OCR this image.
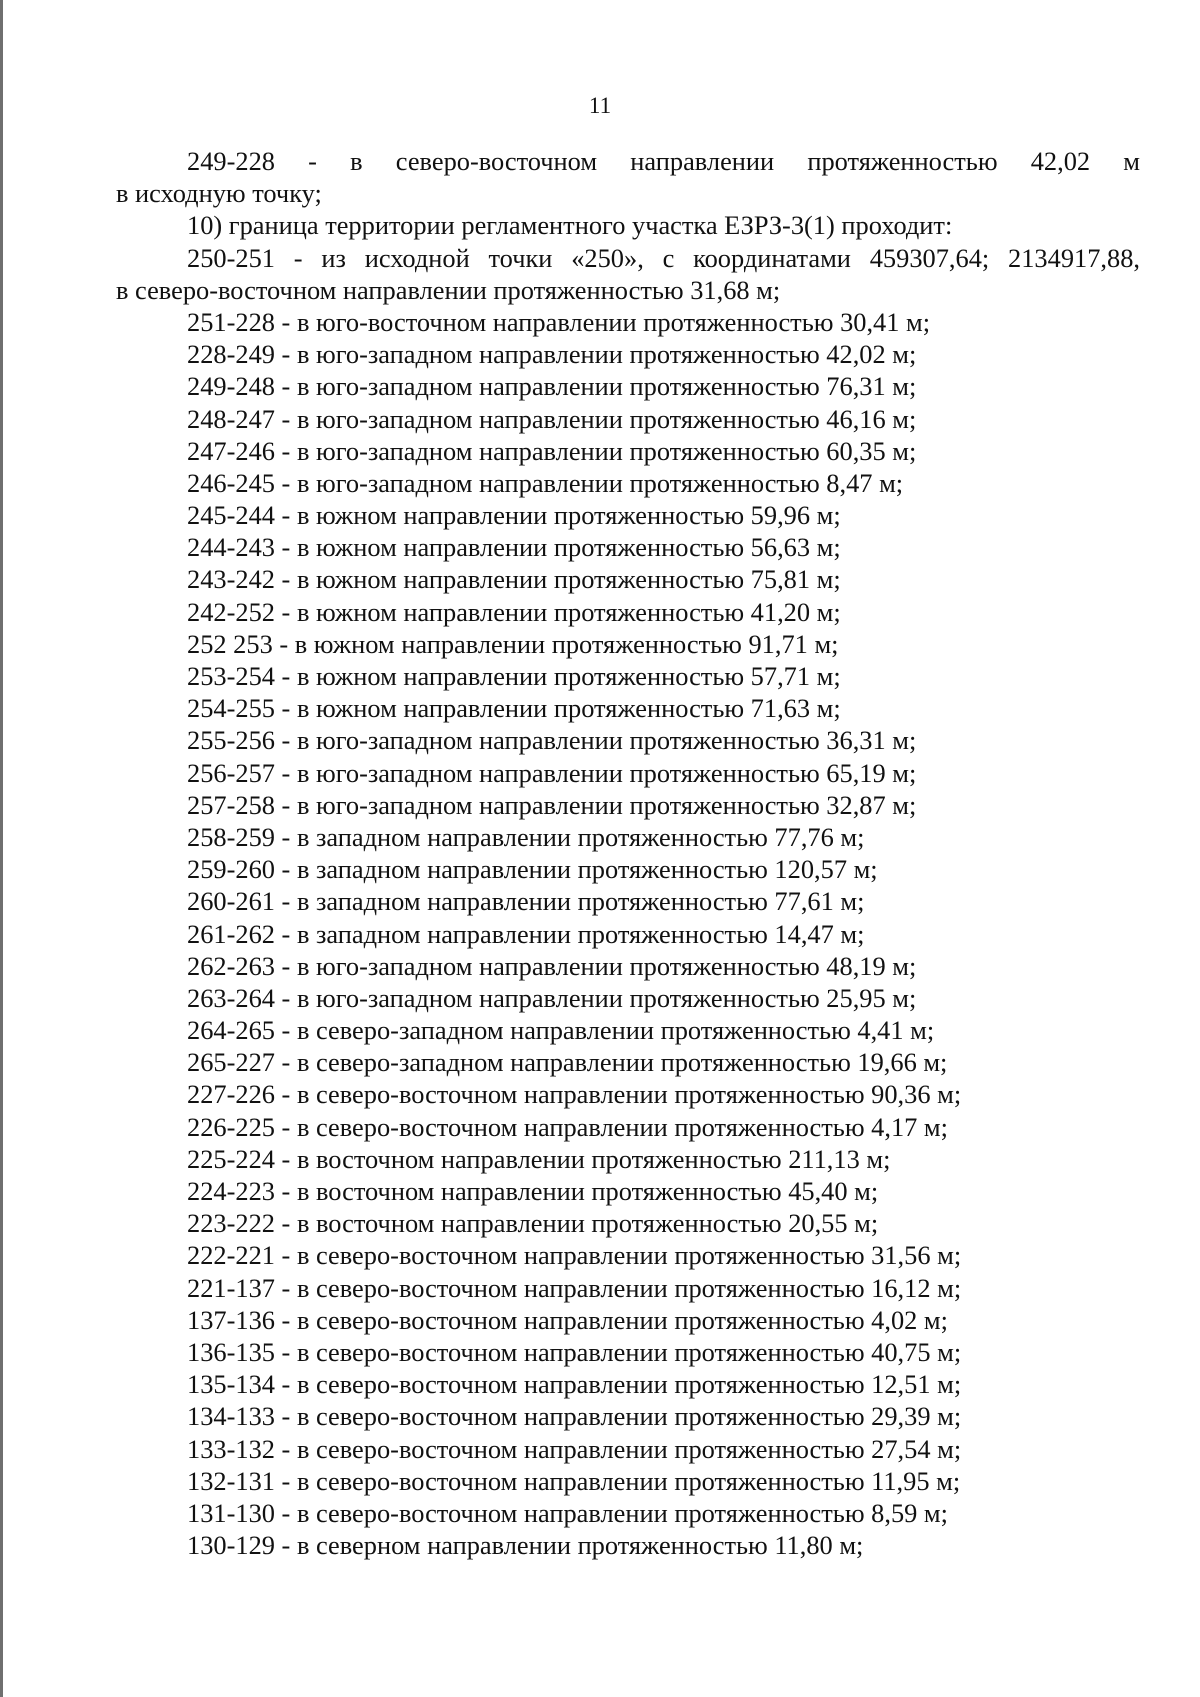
11
249-228 - в северо-восточном направлении протяженностью 42,02 м
в исходную точку;
10) граница территории регламентного участка ЕЗРЗ-3(1) проходит:
250-251 - из исходной точки «250», с координатами 459307,64; 2134917,88,
в северо-восточном направлении протяженностью 31,68 м;
251-228 - в юго-восточном направлении протяженностью 30,41 м;
228-249 - в юго-западном направлении протяженностью 42,02 м;
249-248 - в юго-западном направлении протяженностью 76,31 м;
248-247 - в юго-западном направлении протяженностью 46,16 м;
247-246 - в юго-западном направлении протяженностью 60,35 м;
246-245 - в юго-западном направлении протяженностью 8,47 м;
245-244 - в южном направлении протяженностью 59,96 м;
244-243 - в южном направлении протяженностью 56,63 м;
243-242 - в южном направлении протяженностью 75,81 м;
242-252 - в южном направлении протяженностью 41,20 м;
252 253 - в южном направлении протяженностью 91,71 м;
253-254 - в южном направлении протяженностью 57,71 м;
254-255 - в южном направлении протяженностью 71,63 м;
255-256 - в юго-западном направлении протяженностью 36,31 м;
256-257 - в юго-западном направлении протяженностью 65,19 м;
257-258 - в юго-западном направлении протяженностью 32,87 м;
258-259 - в западном направлении протяженностью 77,76 м;
259-260 - в западном направлении протяженностью 120,57 м;
260-261 - в западном направлении протяженностью 77,61 м;
261-262 - в западном направлении протяженностью 14,47 м;
262-263 - в юго-западном направлении протяженностью 48,19 м;
263-264 - в юго-западном направлении протяженностью 25,95 м;
264-265 - в северо-западном направлении протяженностью 4,41 м;
265-227 - в северо-западном направлении протяженностью 19,66 м;
227-226 - в северо-восточном направлении протяженностью 90,36 м;
226-225 - в северо-восточном направлении протяженностью 4,17 м;
225-224 - в восточном направлении протяженностью 211,13 м;
224-223 - в восточном направлении протяженностью 45,40 м;
223-222 - в восточном направлении протяженностью 20,55 м;
222-221 - в северо-восточном направлении протяженностью 31,56 м;
221-137 - в северо-восточном направлении протяженностью 16,12 м;
137-136 - в северо-восточном направлении протяженностью 4,02 м;
136-135 - в северо-восточном направлении протяженностью 40,75 м;
135-134 - в северо-восточном направлении протяженностью 12,51 м;
134-133 - в северо-восточном направлении протяженностью 29,39 м;
133-132 - в северо-восточном направлении протяженностью 27,54 м;
132-131 - в северо-восточном направлении протяженностью 11,95 м;
131-130 - в северо-восточном направлении протяженностью 8,59 м;
130-129 - в северном направлении протяженностью 11,80 м;
